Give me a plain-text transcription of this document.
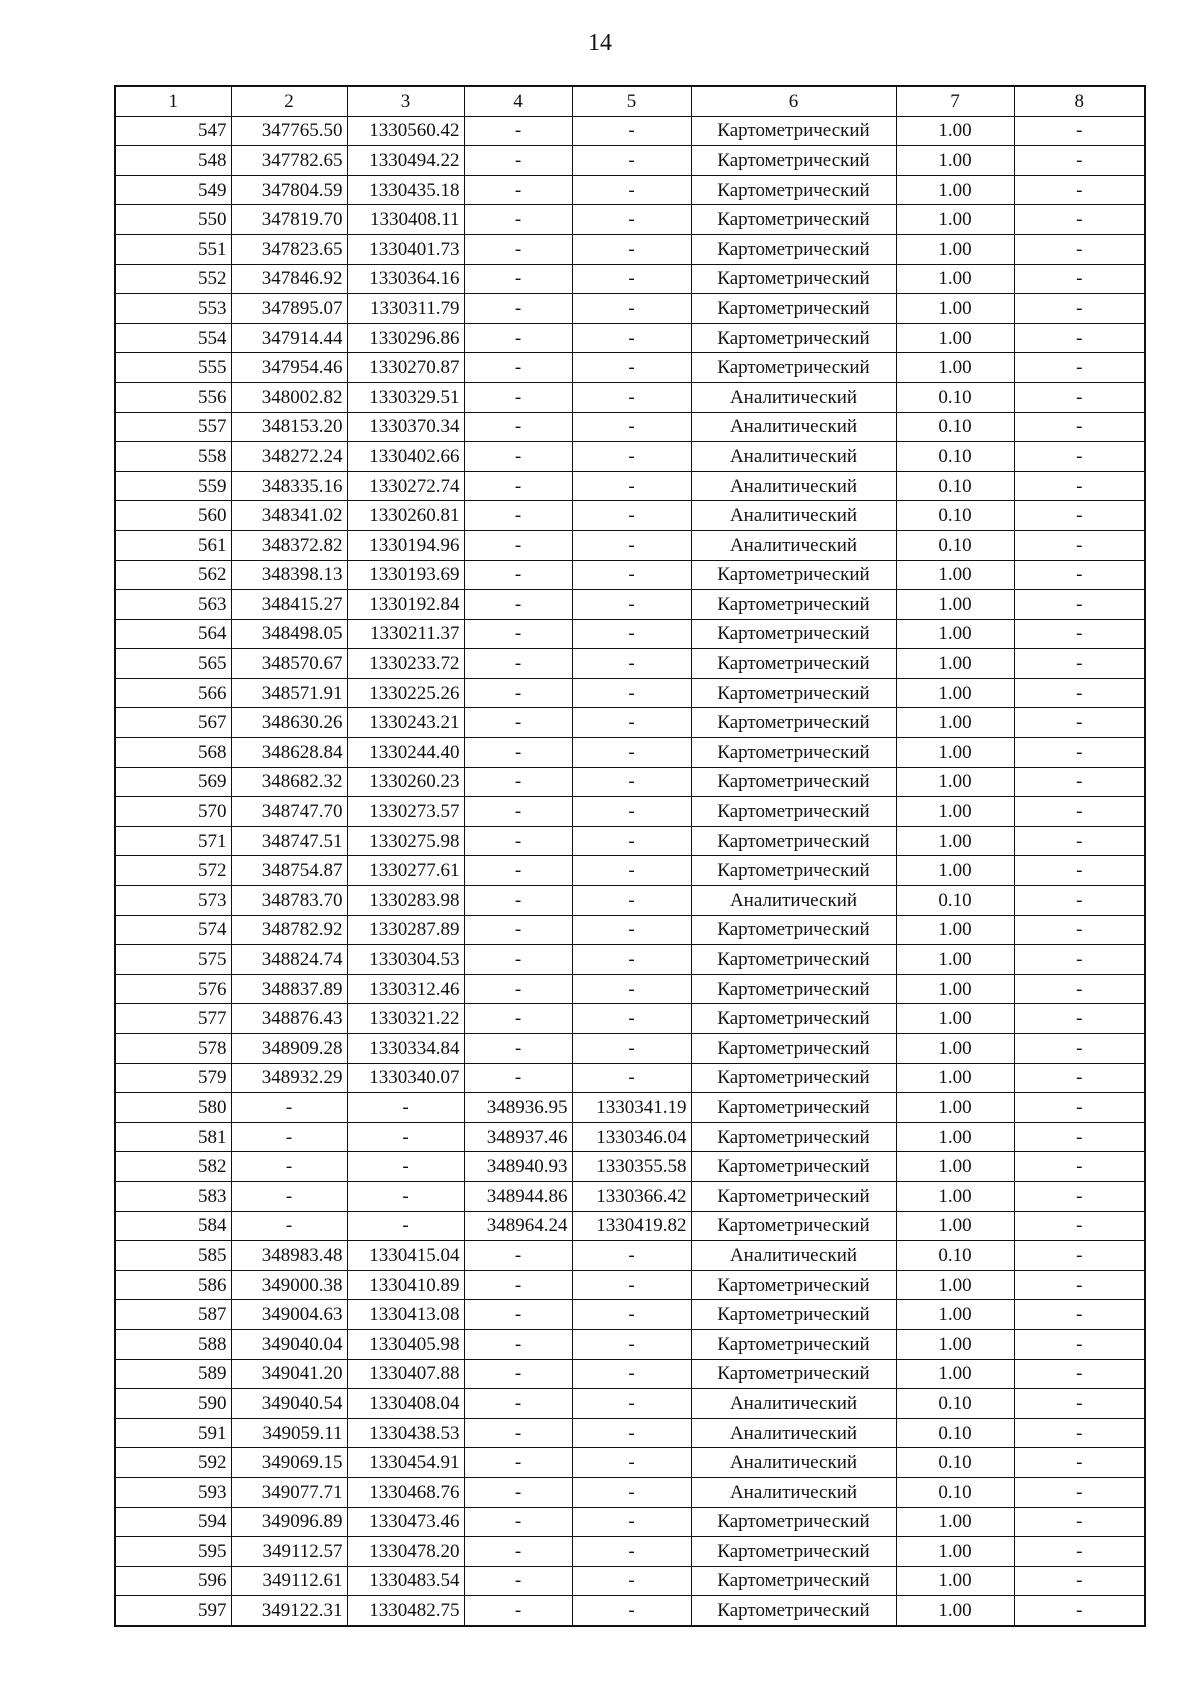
14
1	2	3	4	5	6	7	8
547	347765.50	1330560.42	-	-	Картометрический	1.00	-
548	347782.65	1330494.22	-	-	Картометрический	1.00	-
549	347804.59	1330435.18	-	-	Картометрический	1.00	-
550	347819.70	1330408.11	-	-	Картометрический	1.00	-
551	347823.65	1330401.73	-	-	Картометрический	1.00	-
552	347846.92	1330364.16	-	-	Картометрический	1.00	-
553	347895.07	1330311.79	-	-	Картометрический	1.00	-
554	347914.44	1330296.86	-	-	Картометрический	1.00	-
555	347954.46	1330270.87	-	-	Картометрический	1.00	-
556	348002.82	1330329.51	-	-	Аналитический	0.10	-
557	348153.20	1330370.34	-	-	Аналитический	0.10	-
558	348272.24	1330402.66	-	-	Аналитический	0.10	-
559	348335.16	1330272.74	-	-	Аналитический	0.10	-
560	348341.02	1330260.81	-	-	Аналитический	0.10	-
561	348372.82	1330194.96	-	-	Аналитический	0.10	-
562	348398.13	1330193.69	-	-	Картометрический	1.00	-
563	348415.27	1330192.84	-	-	Картометрический	1.00	-
564	348498.05	1330211.37	-	-	Картометрический	1.00	-
565	348570.67	1330233.72	-	-	Картометрический	1.00	-
566	348571.91	1330225.26	-	-	Картометрический	1.00	-
567	348630.26	1330243.21	-	-	Картометрический	1.00	-
568	348628.84	1330244.40	-	-	Картометрический	1.00	-
569	348682.32	1330260.23	-	-	Картометрический	1.00	-
570	348747.70	1330273.57	-	-	Картометрический	1.00	-
571	348747.51	1330275.98	-	-	Картометрический	1.00	-
572	348754.87	1330277.61	-	-	Картометрический	1.00	-
573	348783.70	1330283.98	-	-	Аналитический	0.10	-
574	348782.92	1330287.89	-	-	Картометрический	1.00	-
575	348824.74	1330304.53	-	-	Картометрический	1.00	-
576	348837.89	1330312.46	-	-	Картометрический	1.00	-
577	348876.43	1330321.22	-	-	Картометрический	1.00	-
578	348909.28	1330334.84	-	-	Картометрический	1.00	-
579	348932.29	1330340.07	-	-	Картометрический	1.00	-
580	-	-	348936.95	1330341.19	Картометрический	1.00	-
581	-	-	348937.46	1330346.04	Картометрический	1.00	-
582	-	-	348940.93	1330355.58	Картометрический	1.00	-
583	-	-	348944.86	1330366.42	Картометрический	1.00	-
584	-	-	348964.24	1330419.82	Картометрический	1.00	-
585	348983.48	1330415.04	-	-	Аналитический	0.10	-
586	349000.38	1330410.89	-	-	Картометрический	1.00	-
587	349004.63	1330413.08	-	-	Картометрический	1.00	-
588	349040.04	1330405.98	-	-	Картометрический	1.00	-
589	349041.20	1330407.88	-	-	Картометрический	1.00	-
590	349040.54	1330408.04	-	-	Аналитический	0.10	-
591	349059.11	1330438.53	-	-	Аналитический	0.10	-
592	349069.15	1330454.91	-	-	Аналитический	0.10	-
593	349077.71	1330468.76	-	-	Аналитический	0.10	-
594	349096.89	1330473.46	-	-	Картометрический	1.00	-
595	349112.57	1330478.20	-	-	Картометрический	1.00	-
596	349112.61	1330483.54	-	-	Картометрический	1.00	-
597	349122.31	1330482.75	-	-	Картометрический	1.00	-
